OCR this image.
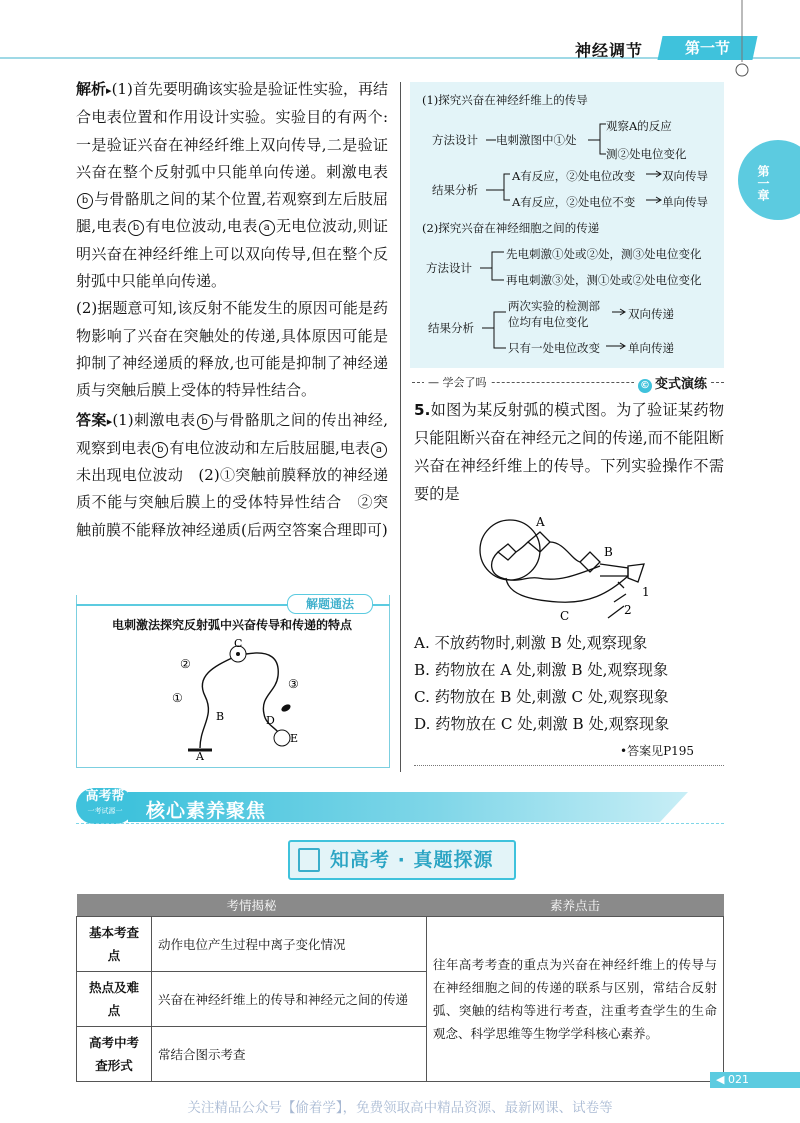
神经调节	第一节
第一章

解析▸(1)首先要明确该实验是验证性实验，再结合电表位置和作用设计实验。实验目的有两个:一是验证兴奋在神经纤维上双向传导,二是验证兴奋在整个反射弧中只能单向传递。刺激电表b 与骨骼肌之间的某个位置,若观察到左后肢屈腿,电表 b 有电位波动,电表 a 无电位波动,则证明兴奋在神经纤维上可以双向传导,但在整个反射弧中只能单向传递。

(2)据题意可知,该反射不能发生的原因可能是药物影响了兴奋在突触处的传递,具体原因可能是抑制了神经递质的释放,也可能是抑制了神经递质与突触后膜上受体的特异性结合。

答案▸(1)刺激电表 b 与骨骼肌之间的传出神经,观察到电表 b 有电位波动和左后肢屈腿,电表 a未出现电位波动　(2)①突触前膜释放的神经递质不能与突触后膜上的受体特异性结合　②突触前膜不能释放神经递质(后两空答案合理即可)

解题通法
电刺激法探究反射弧中兴奋传导和传递的特点
②
C
①
③
B	D
E
A
(1)探究兴奋在神经纤维上的传导
方法设计 电刺激图中①处
观察A的反应
测②处电位变化
结果分析
A有反应，②处电位改变 双向传导
A有反应，②处电位不变 单向传导
(2)探究兴奋在神经细胞之间的传递
方法设计
先电刺激①处或②处，测③处电位变化
再电刺激③处，测①处或②处电位变化
结果分析
两次实验的检测部
位均有电位变化
双向传递
只有一处电位改变 单向传递
— 学会了吗	© 变式演练

5.如图为某反射弧的模式图。为了验证某药物只能阻断兴奋在神经元之间的传递,而不能阻断兴奋在神经纤维上的传导。下列实验操作不需要的是

A
B
C
1
2
A. 不放药物时,刺激 B 处,观察现象
B. 药物放在 A 处,刺激 B 处,观察现象
C. 药物放在 B 处,刺激 C 处,观察现象
D. 药物放在 C 处,刺激 B 处,观察现象
•答案见P195
高考帮
一考试源一	核心素养聚焦
知高考 · 真题探源
考情揭秘		素养点击
基本考查点	动作电位产生过程中离子变化情况	往年高考考查的重点为兴奋在神经纤维上的传导与在神经细胞之间的传递的联系与区别，常结合反射弧、突触的结构等进行考查，注重考查学生的生命观念、科学思维等生物学学科核心素养。
热点及难点	兴奋在神经纤维上的传导和神经元之间的传递	
高考中考查形式	常结合图示考查	
◀ 021
关注精品公众号【偷着学】，免费领取高中精品资源、最新网课、试卷等
